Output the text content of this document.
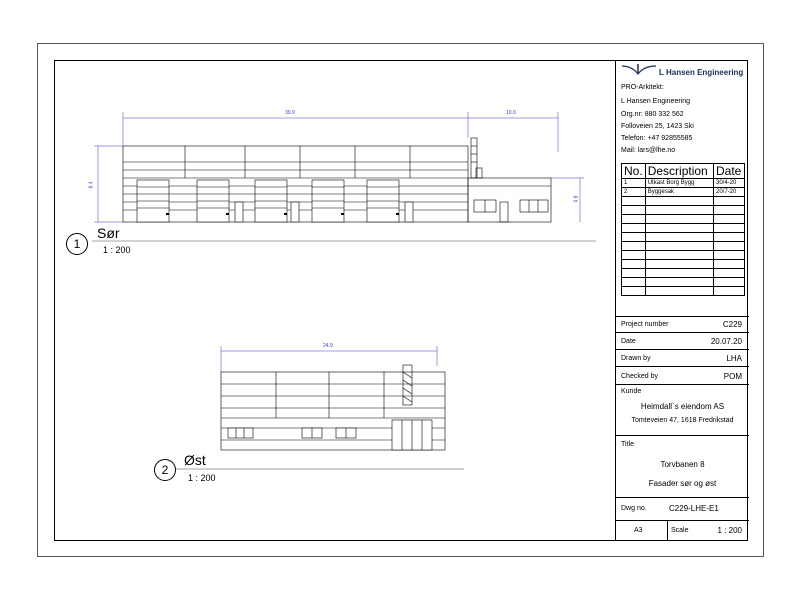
39.9	10.0
8.4
4.8
24.9
1
Sør
1 : 200
2
Øst
1 : 200
L Hansen Engineering
PRO-Arkitekt:
L Hansen Engineering
Org.nr: 880 332 562
Folloveien 25, 1423 Ski
Telefon: +47 92855585
Mail: lars@lhe.no
No.	Description	Date
1	Utkast Borg Bygg	30/4-20
2	Byggesak	20/7-20

Project number	C229
Date	20.07.20
Drawn by	LHA
Checked by	POM
Kunde
Heimdall`s eiendom AS
Tomteveien 47, 1618 Fredrikstad
Title
Torvbanen 8
Fasader sør og øst
Dwg no.	C229-LHE-E1
A3	Scale	1 : 200
